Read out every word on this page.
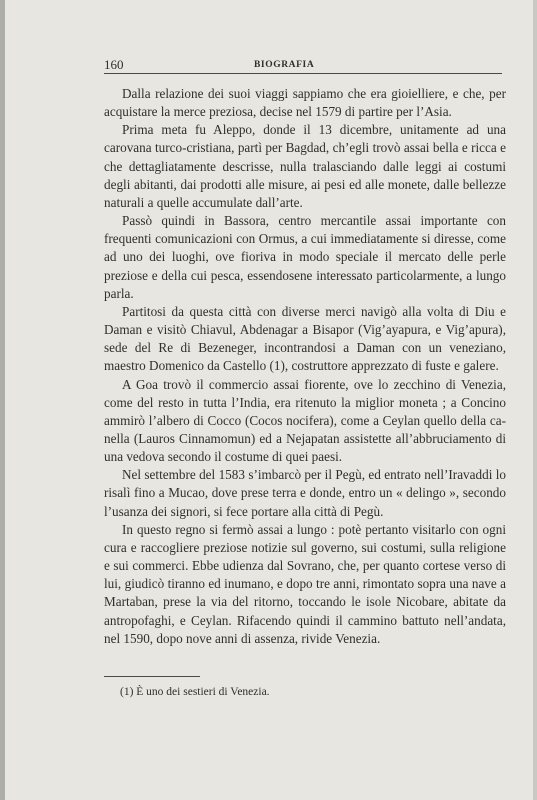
160	BIOGRAFIA

Dalla relazione dei suoi viaggi sappiamo che era gioielliere, e che, per acquistare la merce preziosa, decise nel 1579 di partire per l’Asia.

Prima meta fu Aleppo, donde il 13 dicembre, unitamente ad una carovana turco-cristiana, partì per Bagdad, ch’egli trovò assai bella e ricca e che dettagliatamente descrisse, nulla tralasciando dalle leggi ai costumi degli abitanti, dai prodotti alle misure, ai pesi ed alle monete, dalle bellezze naturali a quelle accumulate dall’arte.

Passò quindi in Bassora, centro mercantile assai importante con frequenti comunicazioni con Ormus, a cui immediatamente si diresse, come ad uno dei luoghi, ove fioriva in modo speciale il mercato delle perle preziose e della cui pesca, essendosene interessato particolarmente, a lungo parla.

Partitosi da questa città con diverse merci navigò alla volta di Diu e Daman e visitò Chiavul, Abdenagar a Bisapor (Vig’ayapura, e Vig’apura), sede del Re di Bezeneger, incontrandosi a Daman con un veneziano, maestro Domenico da Castello (1), costruttore apprezzato di fuste e galere.

A Goa trovò il commercio assai fiorente, ove lo zecchino di Venezia, come del resto in tutta l’India, era ritenuto la miglior moneta ; a Concino ammirò l’albero di Cocco (Cocos nocifera), come a Ceylan quello della ca-nella (Lauros Cinnamomun) ed a Nejapatan assistette all’abbruciamento di una vedova secondo il costume di quei paesi.

Nel settembre del 1583 s’imbarcò per il Pegù, ed entrato nell’Iravaddi lo risalì fino a Mucao, dove prese terra e donde, entro un « delingo », secondo l’usanza dei signori, si fece portare alla città di Pegù.

In questo regno si fermò assai a lungo : potè pertanto visitarlo con ogni cura e raccogliere preziose notizie sul governo, sui costumi, sulla religione e sui commerci. Ebbe udienza dal Sovrano, che, per quanto cortese verso di lui, giudicò tiranno ed inumano, e dopo tre anni, rimontato sopra una nave a Martaban, prese la via del ritorno, toccando le isole Nicobare, abitate da antropofaghi, e Ceylan. Rifacendo quindi il cammino battuto nell’andata, nel 1590, dopo nove anni di assenza, rivide Venezia.

(1) È uno dei sestieri di Venezia.
